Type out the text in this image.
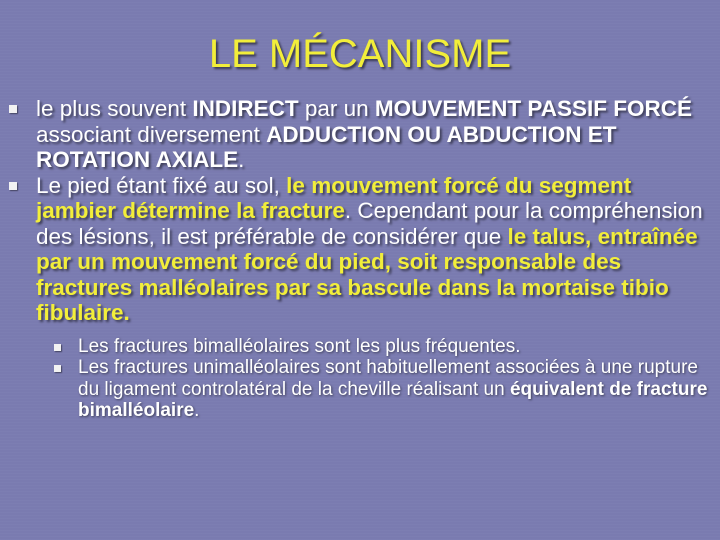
LE MÉCANISME
le plus souvent INDIRECT par un MOUVEMENT PASSIF FORCÉ associant diversement ADDUCTION OU ABDUCTION ET ROTATION AXIALE.
Le pied étant fixé au sol, le mouvement forcé du segment jambier détermine la fracture. Cependant pour la compréhension des lésions, il est préférable de considérer que le talus, entraînée par un mouvement forcé du pied, soit responsable des fractures malléolaires par sa bascule dans la mortaise tibio fibulaire.
Les fractures bimalléolaires sont les plus fréquentes.
Les fractures unimalléolaires sont habituellement associées à une rupture du ligament controlatéral de la cheville réalisant un équivalent de fracture bimalléolaire.
